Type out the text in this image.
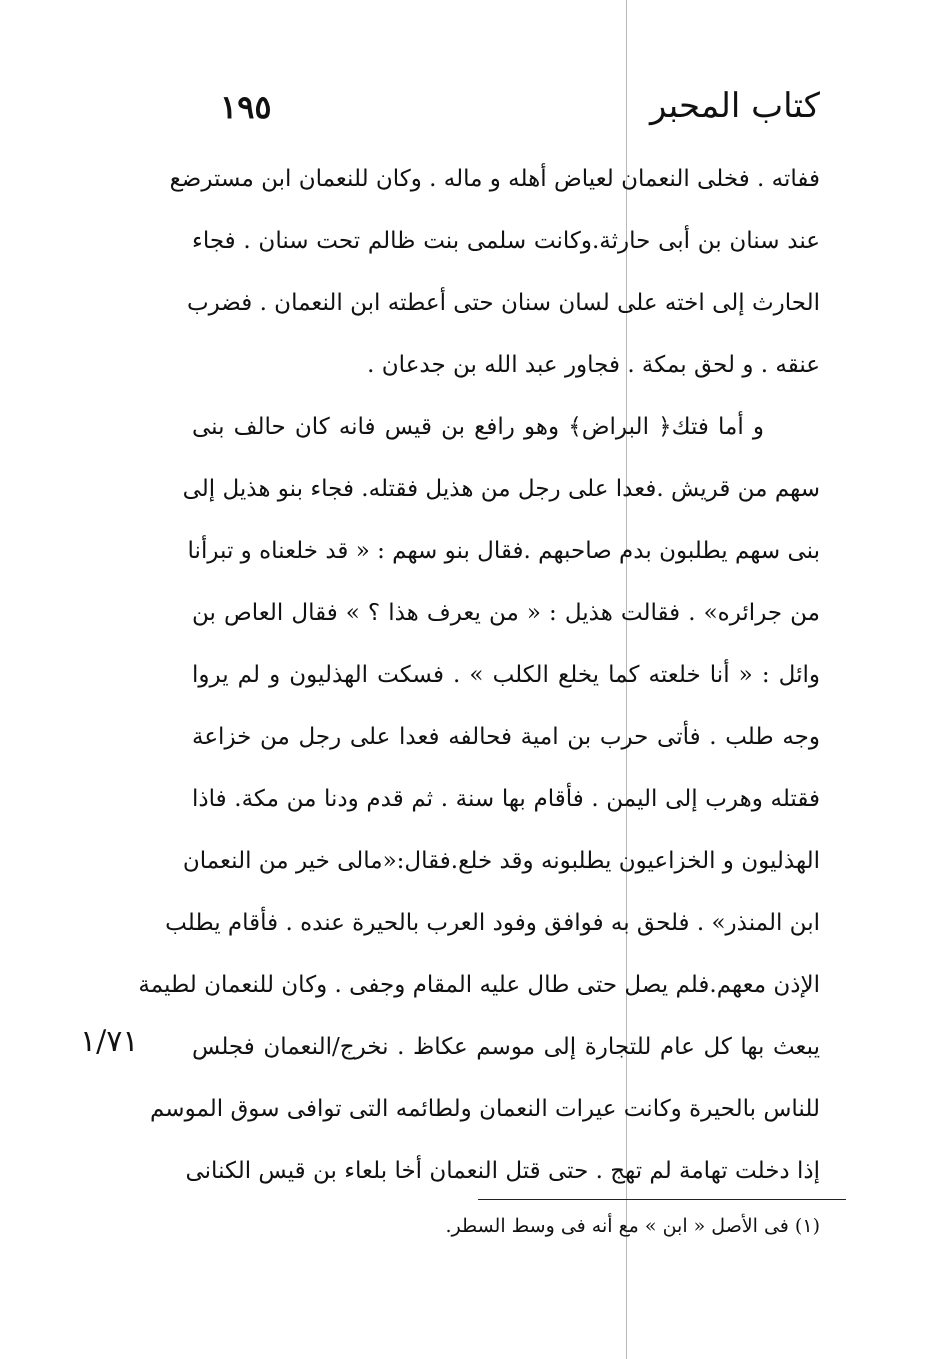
كتاب المحبر
١٩٥
ففاته . فخلى النعمان لعياض أهله و ماله . وكان للنعمان ابن مسترضع
عند سنان بن أبى حارثة.وكانت سلمى بنت ظالم تحت سنان . فجاء
الحارث إلى اخته على لسان سنان حتى أعطته ابن النعمان . فضرب
عنقه . و لحق بمكة . فجاور عبد الله بن جدعان .
و أما فتك﴿ البراض﴾ وهو رافع بن قيس فانه كان حالف بنى
سهم من قريش .فعدا على رجل من هذيل فقتله. فجاء بنو هذيل إلى
بنى سهم يطلبون بدم صاحبهم .فقال بنو سهم : « قد خلعناه و تبرأنا
من جرائره» . فقالت هذيل : « من يعرف هذا ؟ » فقال العاص بن
وائل : « أنا خلعته كما يخلع الكلب » . فسكت الهذليون و لم يروا
وجه طلب . فأتى حرب بن امية فحالفه فعدا على رجل من خزاعة
فقتله وهرب إلى اليمن . فأقام بها سنة . ثم قدم ودنا من مكة. فاذا
الهذليون و الخزاعيون يطلبونه وقد خلع.فقال:«مالى خير من النعمان
ابن المنذر» . فلحق به فوافق وفود العرب بالحيرة عنده . فأقام يطلب
الإذن معهم.فلم يصل حتى طال عليه المقام وجفى . وكان للنعمان لطيمة
يبعث بها كل عام للتجارة إلى موسم عكاظ . نخرج/النعمان فجلس
للناس بالحيرة وكانت عيرات النعمان ولطائمه التى توافى سوق الموسم
إذا دخلت تهامة لم تهج . حتى قتل النعمان أخا بلعاء بن قيس الكنانى
١/٧١
(١) فى الأصل « ابن » مع أنه فى وسط السطر.
